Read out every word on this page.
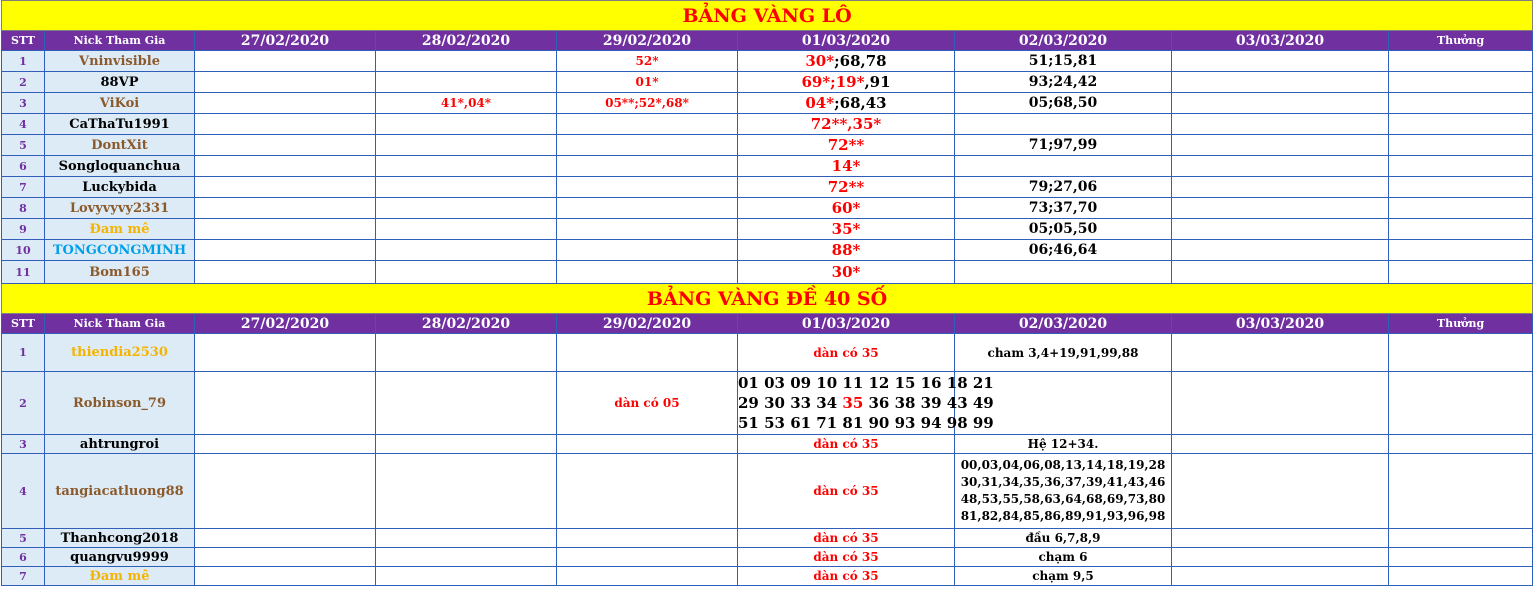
BẢNG VÀNG LÔ								
STT	Nick Tham Gia	27/02/2020	28/02/2020	29/02/2020	01/03/2020	02/03/2020	03/03/2020	Thưởng
1	Vninvisible			52*	30*;68,78	51;15,81		
2	88VP			01*	69*;19*,91	93;24,42		
3	ViKoi		41*,04*	05**;52*,68*	04*;68,43	05;68,50		
4	CaThaTu1991				72**,35*			
5	DontXit				72**	71;97,99		
6	Songloquanchua				14*			
7	Luckybida				72**	79;27,06		
8	Lovyvyvy2331				60*	73;37,70		
9	Đam mê				35*	05;05,50		
10	TONGCONGMINH				88*	06;46,64		
11	Bom165				30*			
BẢNG VÀNG ĐỀ 40 SỐ								
STT	Nick Tham Gia	27/02/2020	28/02/2020	29/02/2020	01/03/2020	02/03/2020	03/03/2020	Thưởng
1	thiendia2530				dàn có 35	cham 3,4+19,91,99,88		
2	Robinson_79			dàn có 05	01 03 09 10 11 12 15 16 18 21
29 30 33 34 35 36 38 39 43 49
51 53 61 71 81 90 93 94 98 99			

3	ahtrungroi				dàn có 35	Hệ 12+34.		
4	tangiacatluong88				dàn có 35	00,03,04,06,08,13,14,18,19,28
30,31,34,35,36,37,39,41,43,46
48,53,55,58,63,64,68,69,73,80
81,82,84,85,86,89,91,93,96,98		

5	Thanhcong2018				dàn có 35	đầu 6,7,8,9		
6	quangvu9999				dàn có 35	chạm 6		
7	Đam mê				dàn có 35	chạm 9,5		
